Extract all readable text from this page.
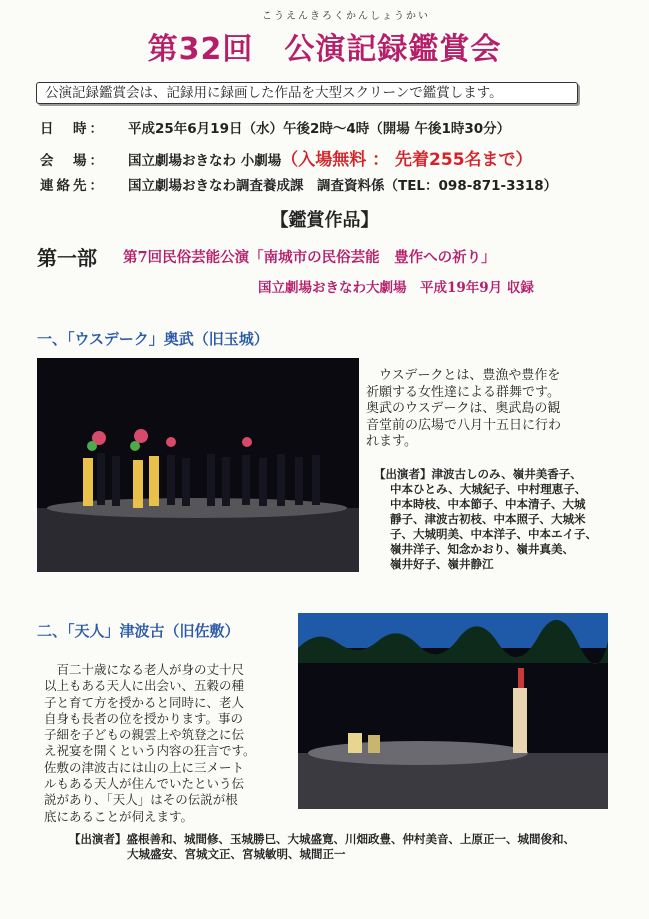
こうえんきろくかんしょうかい
第32回　公演記録鑑賞会
公演記録鑑賞会は、記録用に録画した作品を大型スクリーンで鑑賞します。
日　時： 平成25年6月19日（水）午後2時～4時（開場 午後1時30分）
会　場： 国立劇場おきなわ 小劇場（入場無料 ： 先着255名まで）
連絡先： 国立劇場おきなわ調査養成課　調査資料係（TEL：098-871-3318）
【鑑賞作品】
第一部 第7回民俗芸能公演「南城市の民俗芸能　豊作への祈り」
国立劇場おきなわ大劇場　平成19年9月 収録
一、「ウスデーク」奥武（旧玉城）
ウスデークとは、豊漁や豊作を
祈願する女性達による群舞です。
奥武のウスデークは、奥武島の観
音堂前の広場で八月十五日に行わ
れます。
【出演者】津波古しのみ、嶺井美香子、
中本ひとみ、大城紀子、中村理恵子、
中本時枝、中本節子、中本清子、大城
靜子、津波古初枝、中本照子、大城米
子、大城明美、中本洋子、中本エイ子、
嶺井洋子、知念かおり、嶺井真美、
嶺井好子、嶺井静江
二、「天人」津波古（旧佐敷）
百二十歳になる老人が身の丈十尺
以上もある天人に出会い、五穀の種
子と育て方を授かると同時に、老人
自身も長者の位を授かります。事の
子細を子どもの親雲上や筑登之に伝
え祝宴を開くという内容の狂言です。
佐敷の津波古には山の上に三メート
ルもある天人が住んでいたという伝
説があり、「天人」はその伝説が根
底にあることが伺えます。
【出演者】盛根善和、城間修、玉城勝巳、大城盛寛、川畑政豊、仲村美音、上原正一、城間俊和、
大城盛安、宮城文正、宮城敏明、城間正一
